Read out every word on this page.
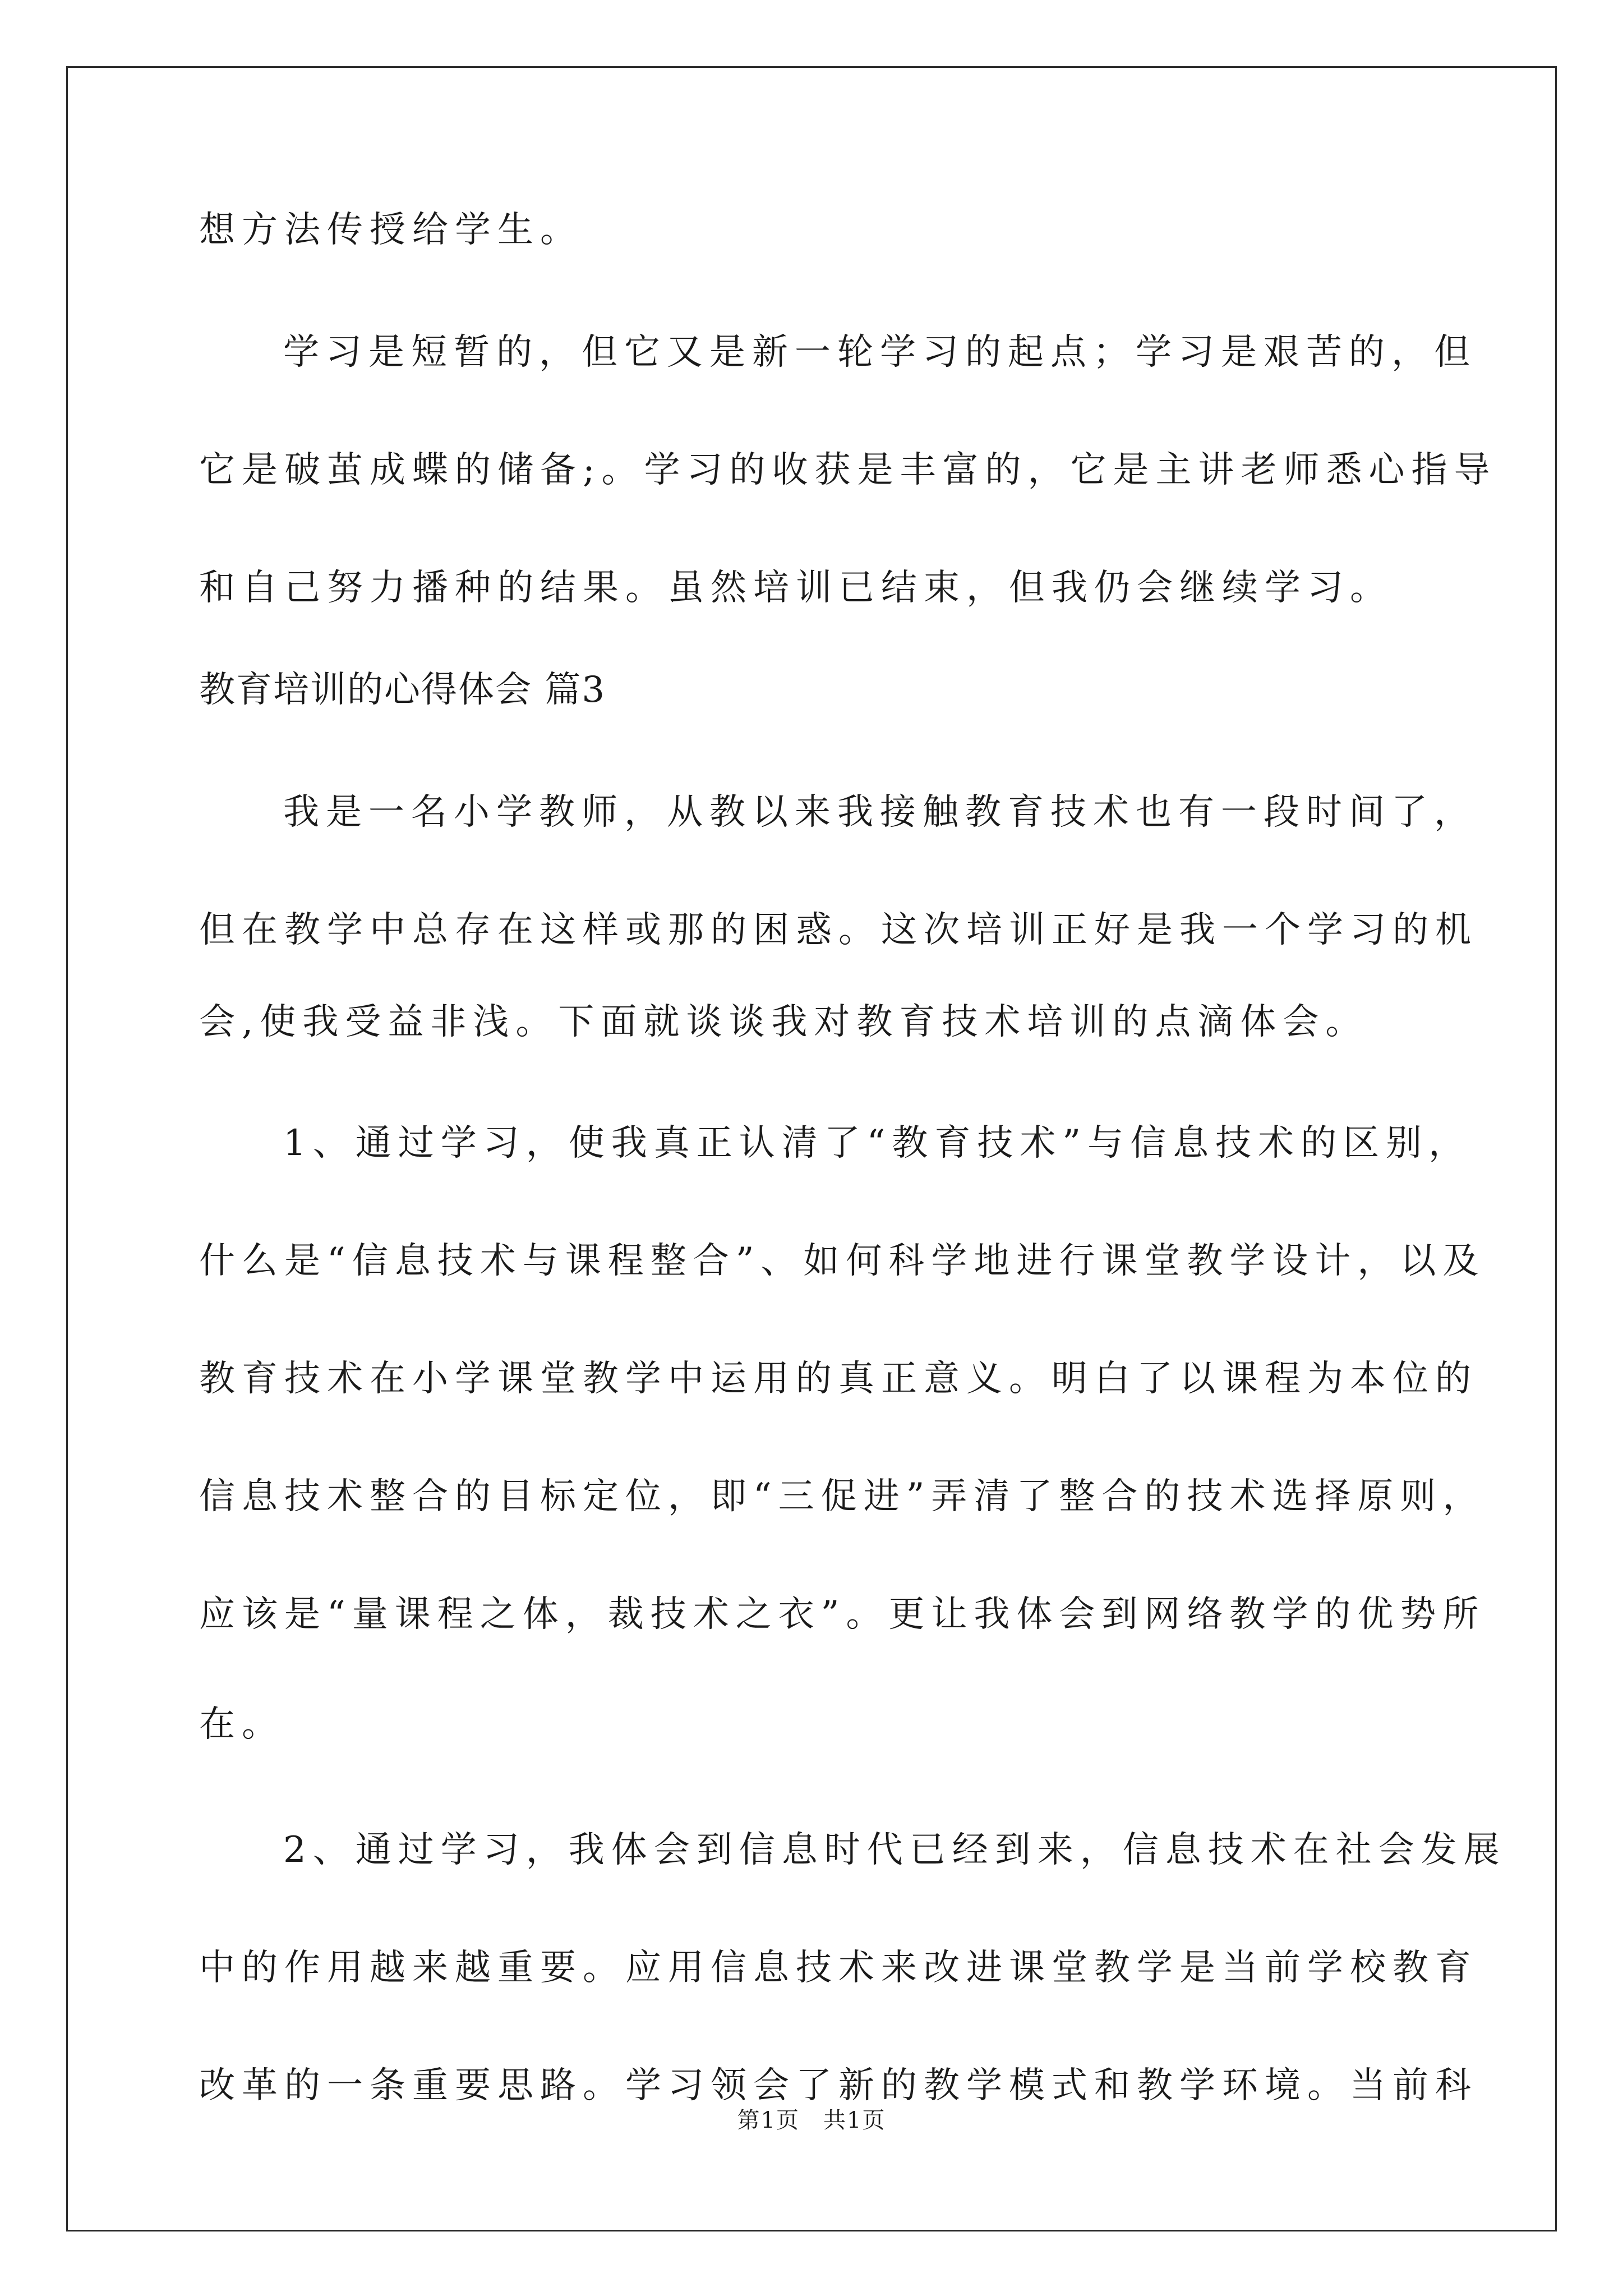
想方法传授给学生。
学习是短暂的，但它又是新一轮学习的起点；学习是艰苦的，但
它是破茧成蝶的储备;。学习的收获是丰富的，它是主讲老师悉心指导
和自己努力播种的结果。虽然培训已结束，但我仍会继续学习。
教育培训的心得体会 篇3
我是一名小学教师，从教以来我接触教育技术也有一段时间了，
但在教学中总存在这样或那的困惑。这次培训正好是我一个学习的机
会,使我受益非浅。下面就谈谈我对教育技术培训的点滴体会。
1、通过学习，使我真正认清了“教育技术”与信息技术的区别，
什么是“信息技术与课程整合”、如何科学地进行课堂教学设计，以及
教育技术在小学课堂教学中运用的真正意义。明白了以课程为本位的
信息技术整合的目标定位，即“三促进”弄清了整合的技术选择原则，
应该是“量课程之体，裁技术之衣”。更让我体会到网络教学的优势所
在。
2、通过学习，我体会到信息时代已经到来，信息技术在社会发展
中的作用越来越重要。应用信息技术来改进课堂教学是当前学校教育
改革的一条重要思路。学习领会了新的教学模式和教学环境。当前科
第1页　共1页
